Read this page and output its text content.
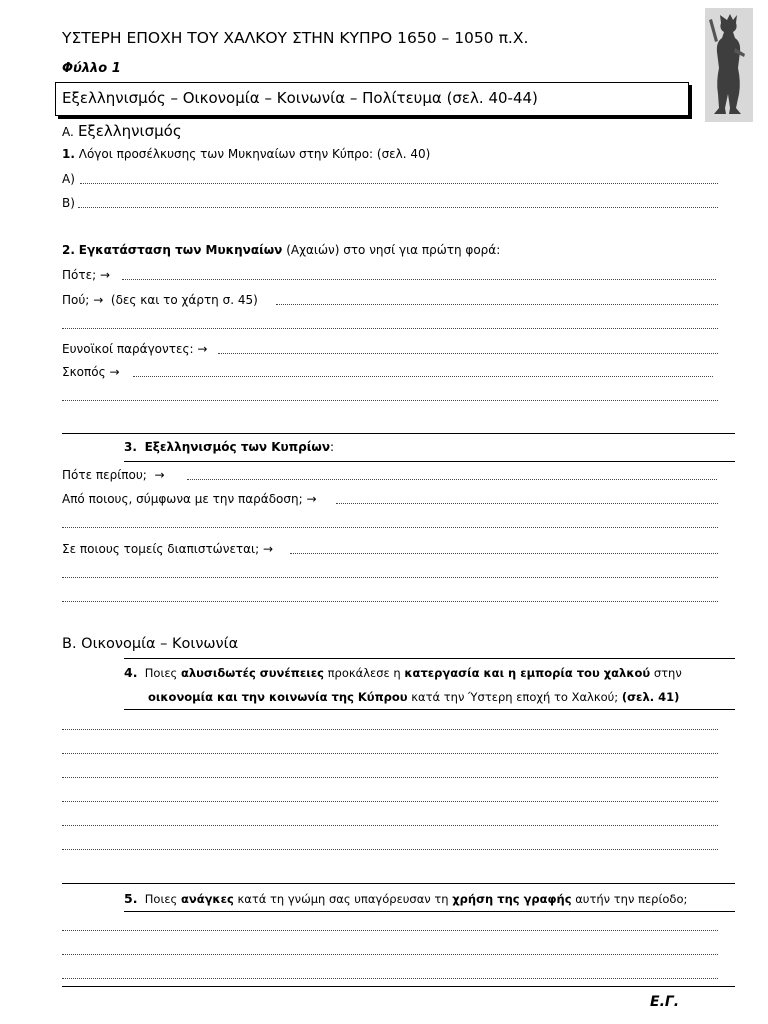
ΥΣΤΕΡΗ ΕΠΟΧΗ ΤΟΥ ΧΑΛΚΟΥ ΣΤΗΝ ΚΥΠΡΟ 1650 – 1050 π.Χ.
Φύλλο 1
Εξελληνισμός – Οικονομία – Κοινωνία – Πολίτευμα (σελ. 40-44)
A. Εξελληνισμός
1. Λόγοι προσέλκυσης των Μυκηναίων στην Κύπρο: (σελ. 40)
Α)
Β)
2. Εγκατάσταση των Μυκηναίων (Αχαιών) στο νησί για πρώτη φορά:
Πότε; →
Πού; → (δες και το χάρτη σ. 45)
Ευνοϊκοί παράγοντες: →
Σκοπός →
3. Εξελληνισμός των Κυπρίων:
Πότε περίπου; →
Από ποιους, σύμφωνα με την παράδοση; →
Σε ποιους τομείς διαπιστώνεται; →
Β. Οικονομία – Κοινωνία
4. Ποιες αλυσιδωτές συνέπειες προκάλεσε η κατεργασία και η εμπορία του χαλκού στην
οικονομία και την κοινωνία της Κύπρου κατά την Ύστερη εποχή το Χαλκού; (σελ. 41)
5. Ποιες ανάγκες κατά τη γνώμη σας υπαγόρευσαν τη χρήση της γραφής αυτήν την περίοδο;
Ε.Γ.
